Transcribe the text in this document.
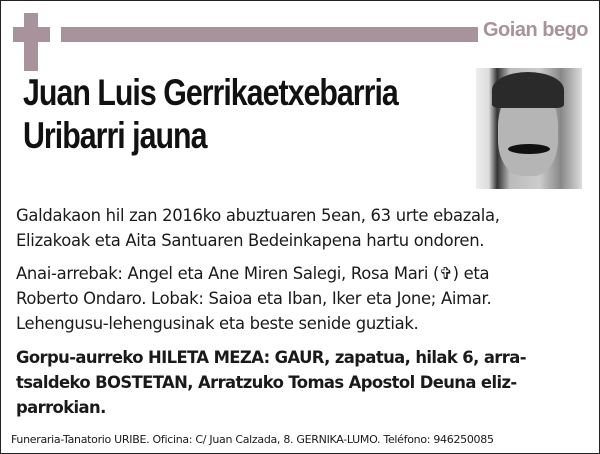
Goian bego
Juan Luis Gerrikaetxebarria
Uribarri jauna
Galdakaon hil zan 2016ko abuztuaren 5ean, 63 urte ebazala,
Elizakoak eta Aita Santuaren Bedeinkapena hartu ondoren.
Anai-arrebak: Angel eta Ane Miren Salegi, Rosa Mari (✞) eta
Roberto Ondaro. Lobak: Saioa eta Iban, Iker eta Jone; Aimar.
Lehengusu-lehengusinak eta beste senide guztiak.
Gorpu-aurreko HILETA MEZA: GAUR, zapatua, hilak 6, arra-
tsaldeko BOSTETAN, Arratzuko Tomas Apostol Deuna eliz-
parrokian.
Funeraria-Tanatorio URIBE. Oficina: C/ Juan Calzada, 8. GERNIKA-LUMO. Teléfono: 946250085
